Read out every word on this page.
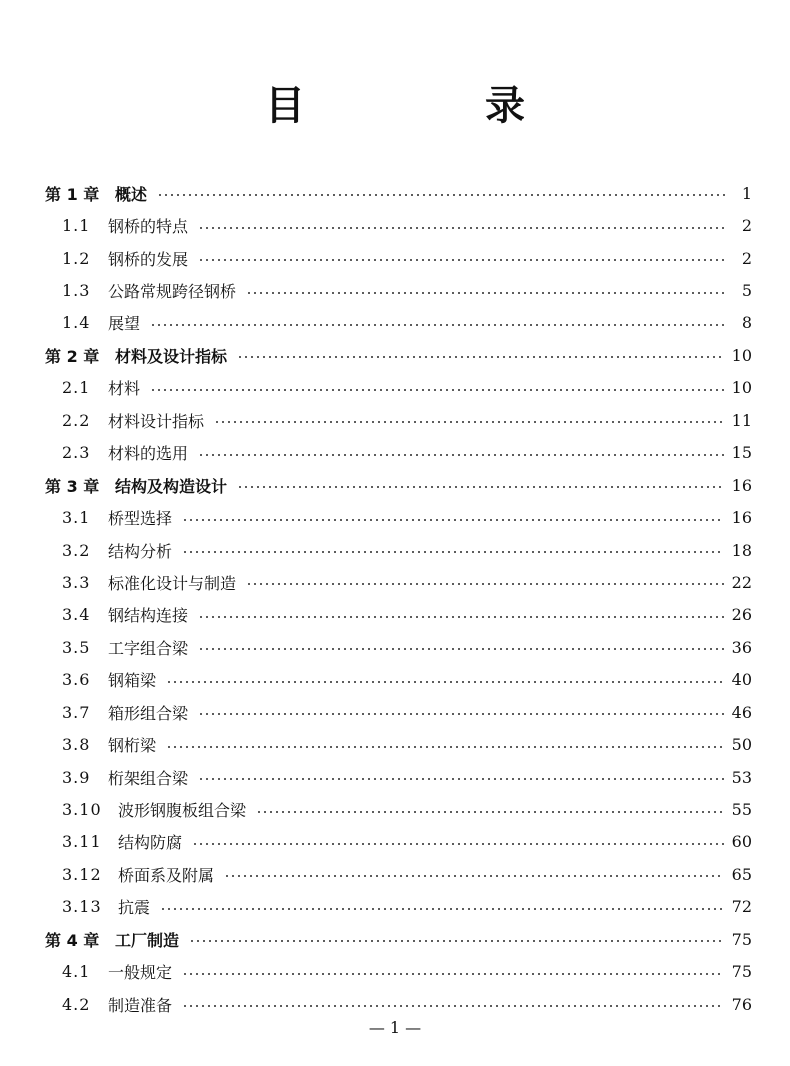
目　录
第 1 章 概述	1
1.1	钢桥的特点	2
1.2	钢桥的发展	2
1.3	公路常规跨径钢桥	5
1.4	展望	8
第 2 章 材料及设计指标	10
2.1	材料	10
2.2	材料设计指标	11
2.3	材料的选用	15
第 3 章 结构及构造设计	16
3.1	桥型选择	16
3.2	结构分析	18
3.3	标准化设计与制造	22
3.4	钢结构连接	26
3.5	工字组合梁	36
3.6	钢箱梁	40
3.7	箱形组合梁	46
3.8	钢桁梁	50
3.9	桁架组合梁	53
3.10	波形钢腹板组合梁	55
3.11	结构防腐	60
3.12	桥面系及附属	65
3.13	抗震	72
第 4 章 工厂制造	75
4.1	一般规定	75
4.2	制造准备	76
— 1 —
